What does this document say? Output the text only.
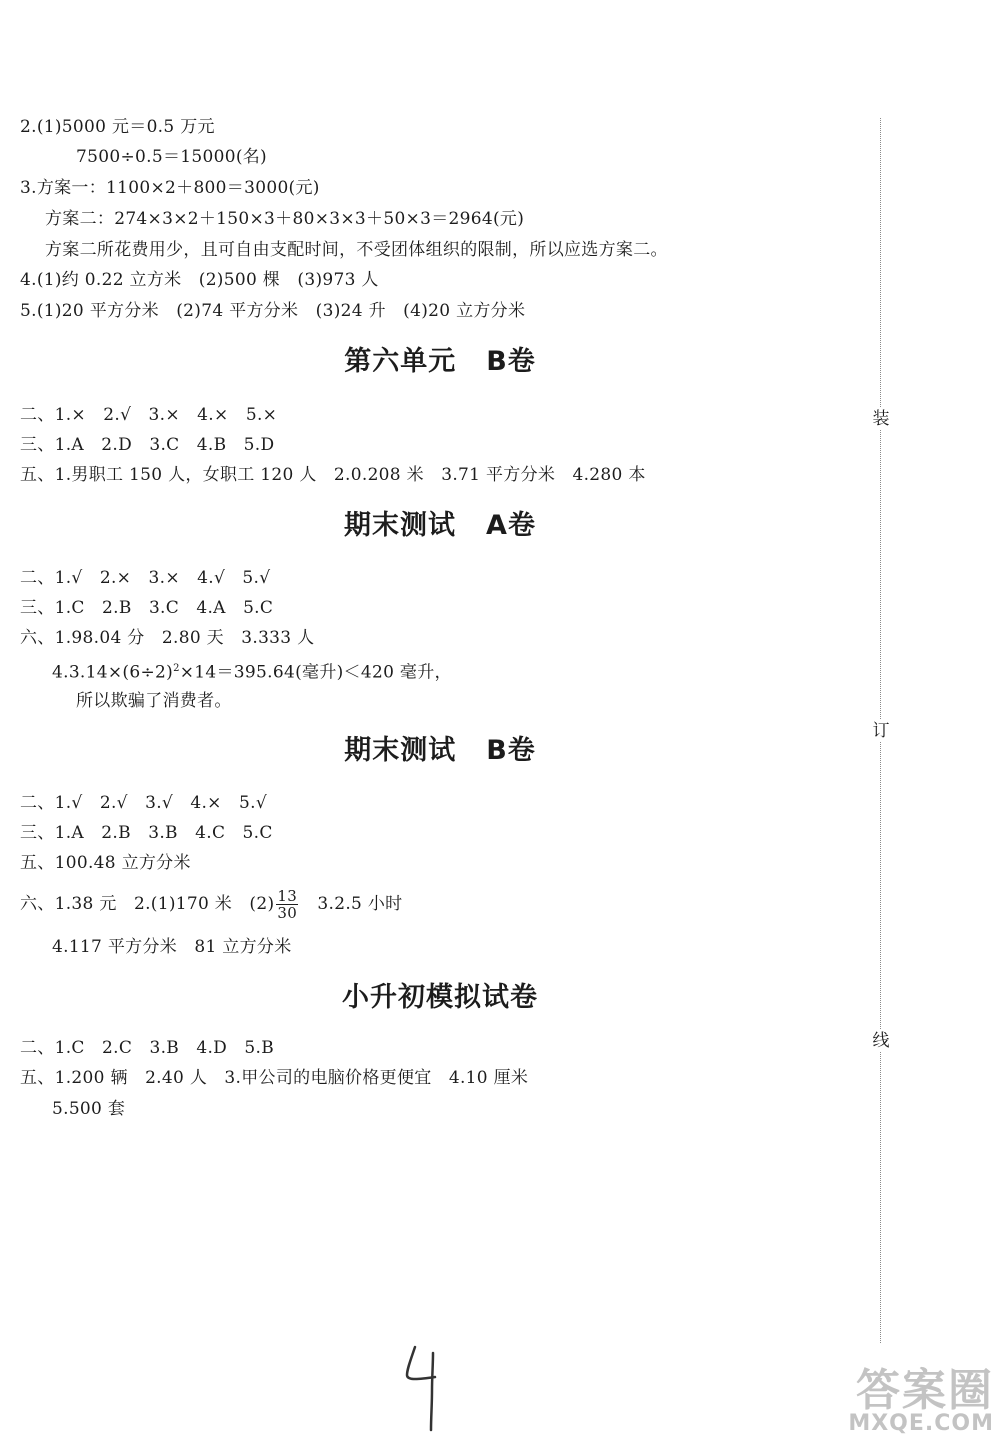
2.(1)5000 元＝0.5 万元
7500÷0.5＝15000(名)
3.方案一：1100×2＋800＝3000(元)
方案二：274×3×2＋150×3＋80×3×3＋50×3＝2964(元)
方案二所花费用少，且可自由支配时间，不受团体组织的限制，所以应选方案二。
4.(1)约 0.22 立方米　(2)500 棵　(3)973 人
5.(1)20 平方分米　(2)74 平方分米　(3)24 升　(4)20 立方分米
第六单元 B卷
二、1.×　2.√　3.×　4.×　5.×
三、1.A　2.D　3.C　4.B　5.D
五、1.男职工 150 人，女职工 120 人　2.0.208 米　3.71 平方分米　4.280 本
期末测试 A卷
二、1.√　2.×　3.×　4.√　5.√
三、1.C　2.B　3.C　4.A　5.C
六、1.98.04 分　2.80 天　3.333 人
$4.3.14\times(6\div 2)^2\times 14=395.64$(毫升)＜420 毫升，
所以欺骗了消费者。
期末测试 B卷
二、1.√　2.√　3.√　4.×　5.√
三、1.A　2.B　3.B　4.C　5.C
五、100.48 立方分米
六、1.38 元　2.(1)170 米　$(2) \frac{13}{30}$
　 3.2.5 小时
4.117 平方分米　81 立方分米
小升初模拟试卷
二、1.C　2.C　3.B　4.D　5.B
五、1.200 辆　2.40 人　3.甲公司的电脑价格更便宜　4.10 厘米
5.500 套
装
订
线
答案圈
MXQE.COM
